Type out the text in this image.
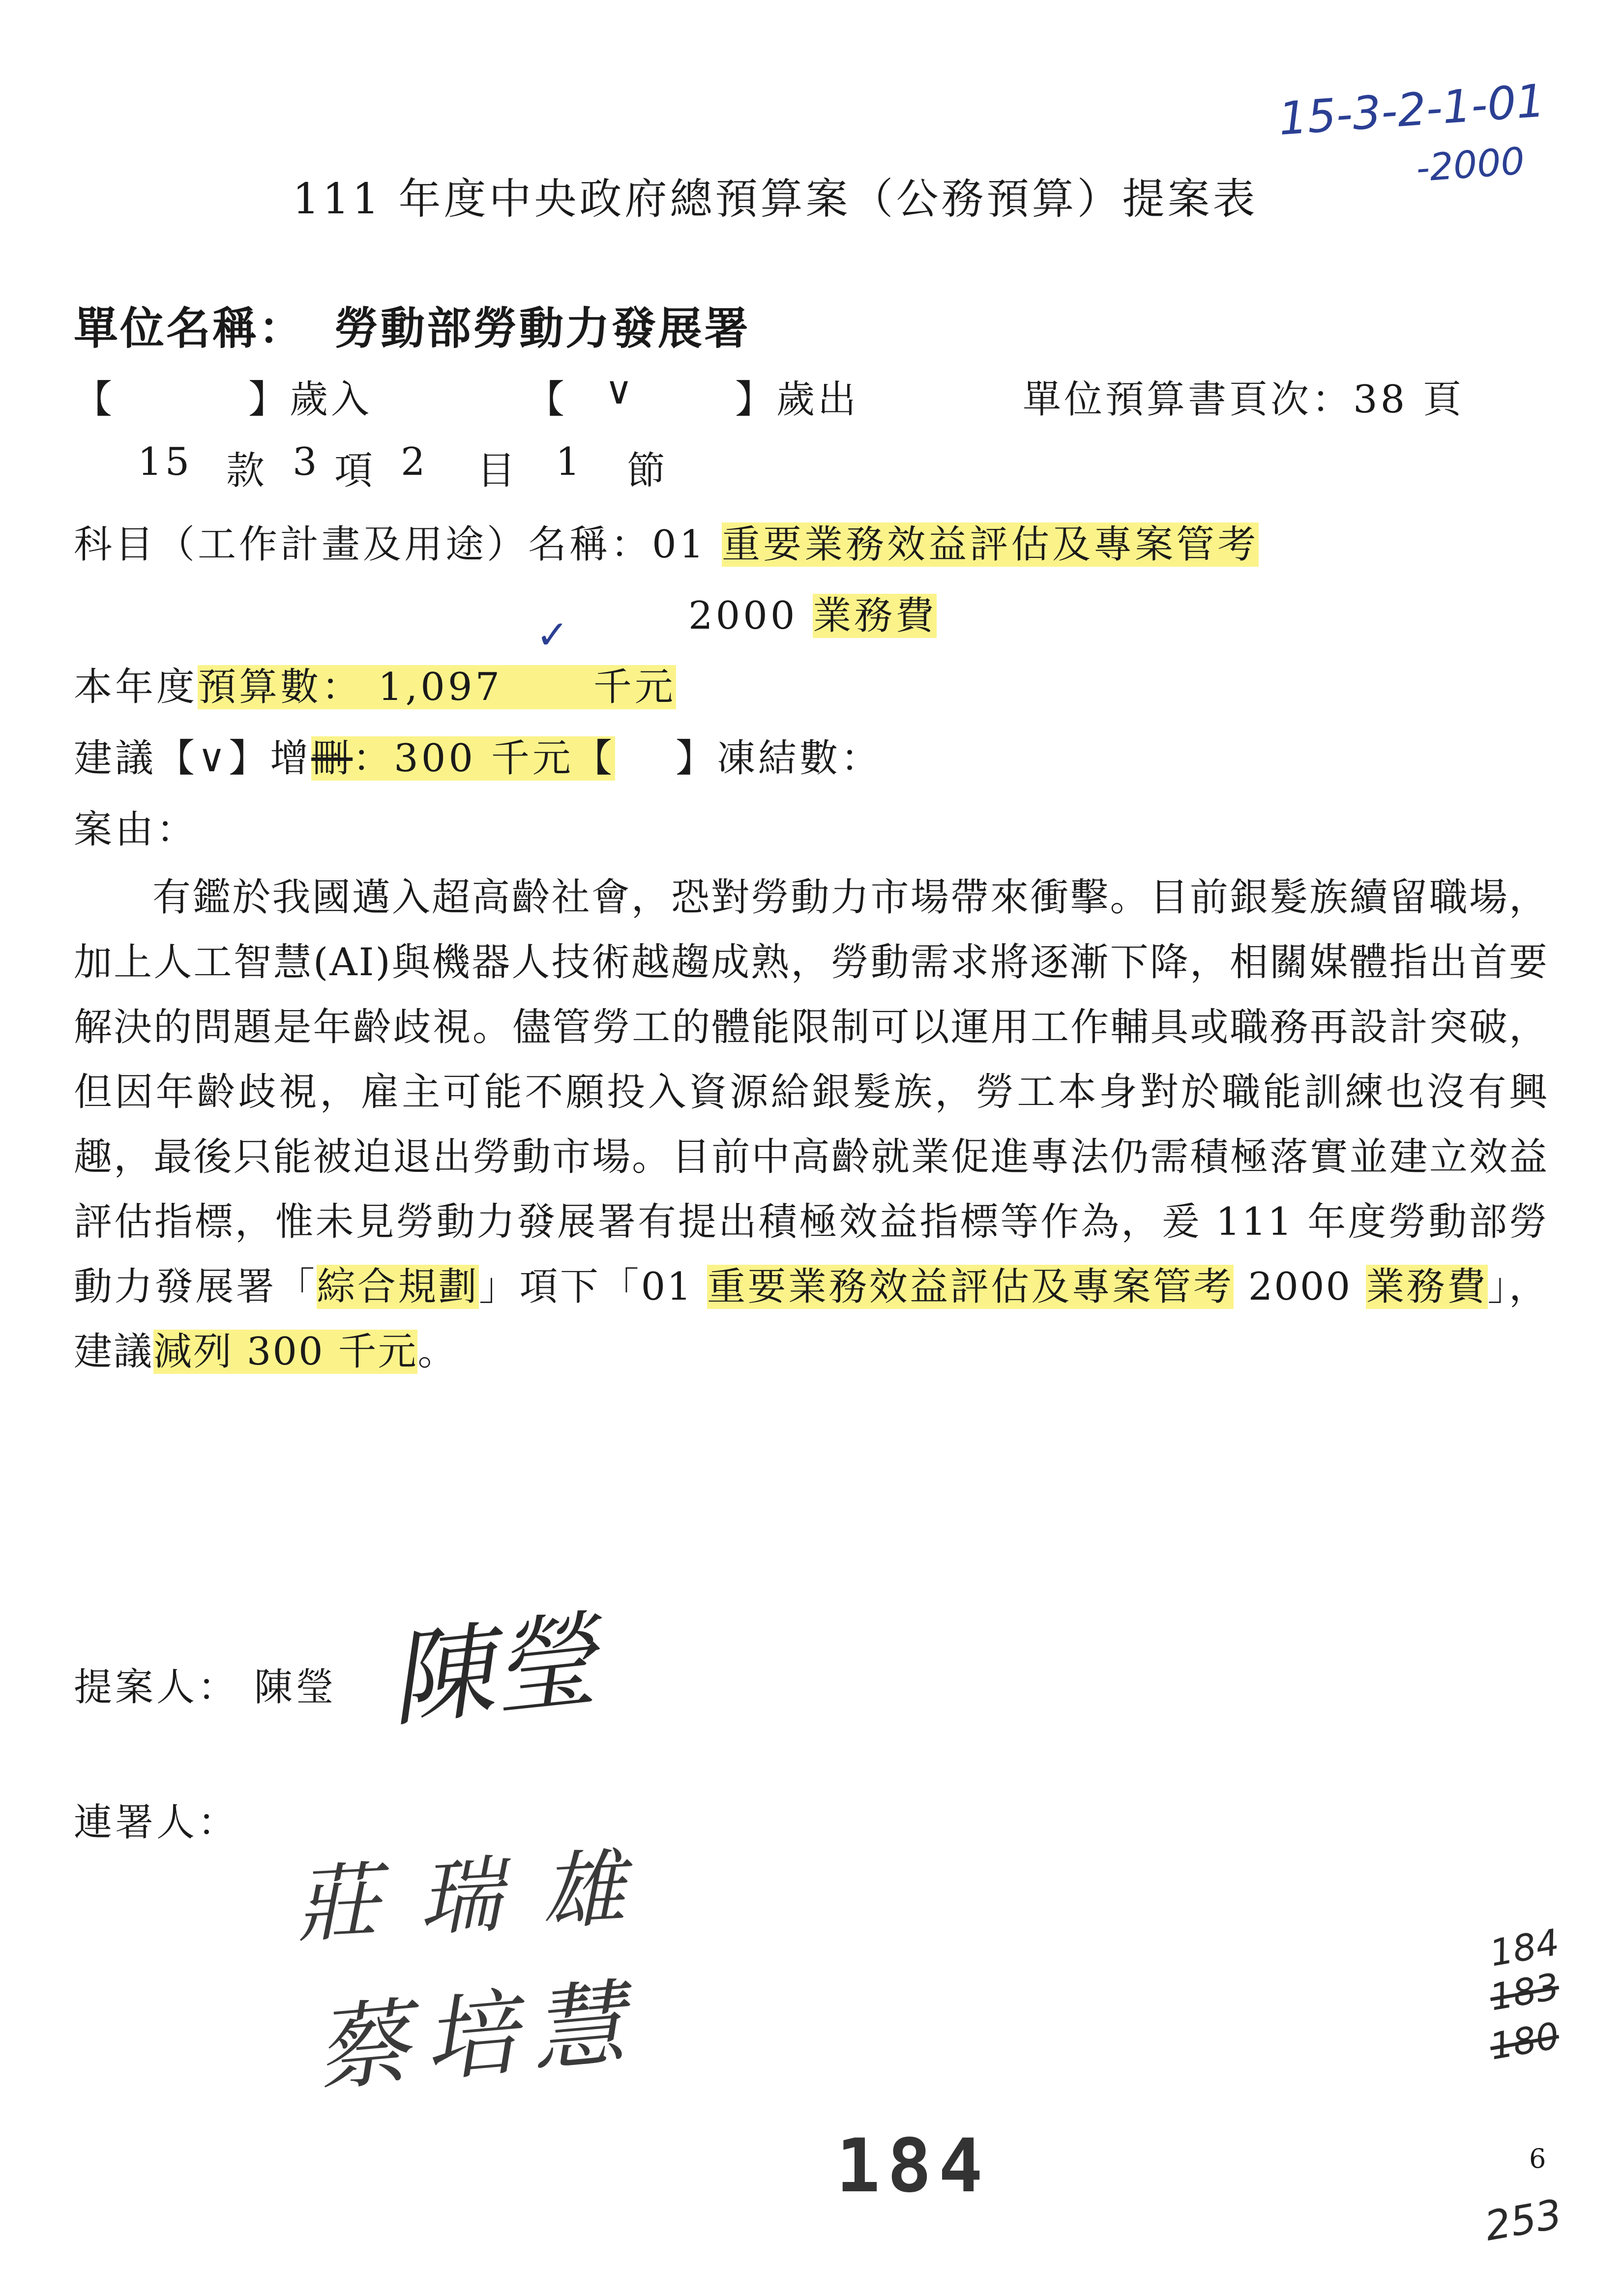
15-3-2-1-01
-2000
111 年度中央政府總預算案（公務預算）提案表
單位名稱： 勞動部勞動力發展署
【	】歲入	【 ∨	】歲出	單位預算書頁次：38 頁
15 款 3 項 2 目 1 節
科目（工作計畫及用途）名稱：01 重要業務效益評估及專案管考
2000 業務費
✓
本年度預算數： 1,097 千元
建議【∨】增刪：300 千元【 】凍結數：
案由：

有鑑於我國邁入超高齡社會，恐對勞動力市場帶來衝擊。目前銀髮族續留職場，加上人工智慧(AI)與機器人技術越趨成熟，勞動需求將逐漸下降，相關媒體指出首要解決的問題是年齡歧視。儘管勞工的體能限制可以運用工作輔具或職務再設計突破，但因年齡歧視，雇主可能不願投入資源給銀髮族，勞工本身對於職能訓練也沒有興趣，最後只能被迫退出勞動市場。目前中高齡就業促進專法仍需積極落實並建立效益評估指標，惟未見勞動力發展署有提出積極效益指標等作為，爰 111 年度勞動部勞動力發展署「綜合規劃」項下「01 重要業務效益評估及專案管考 2000 業務費」，建議減列 300 千元。

提案人： 陳瑩 陳瑩
連署人：
莊瑞雄
蔡培慧
184
183
180
253
184	6
